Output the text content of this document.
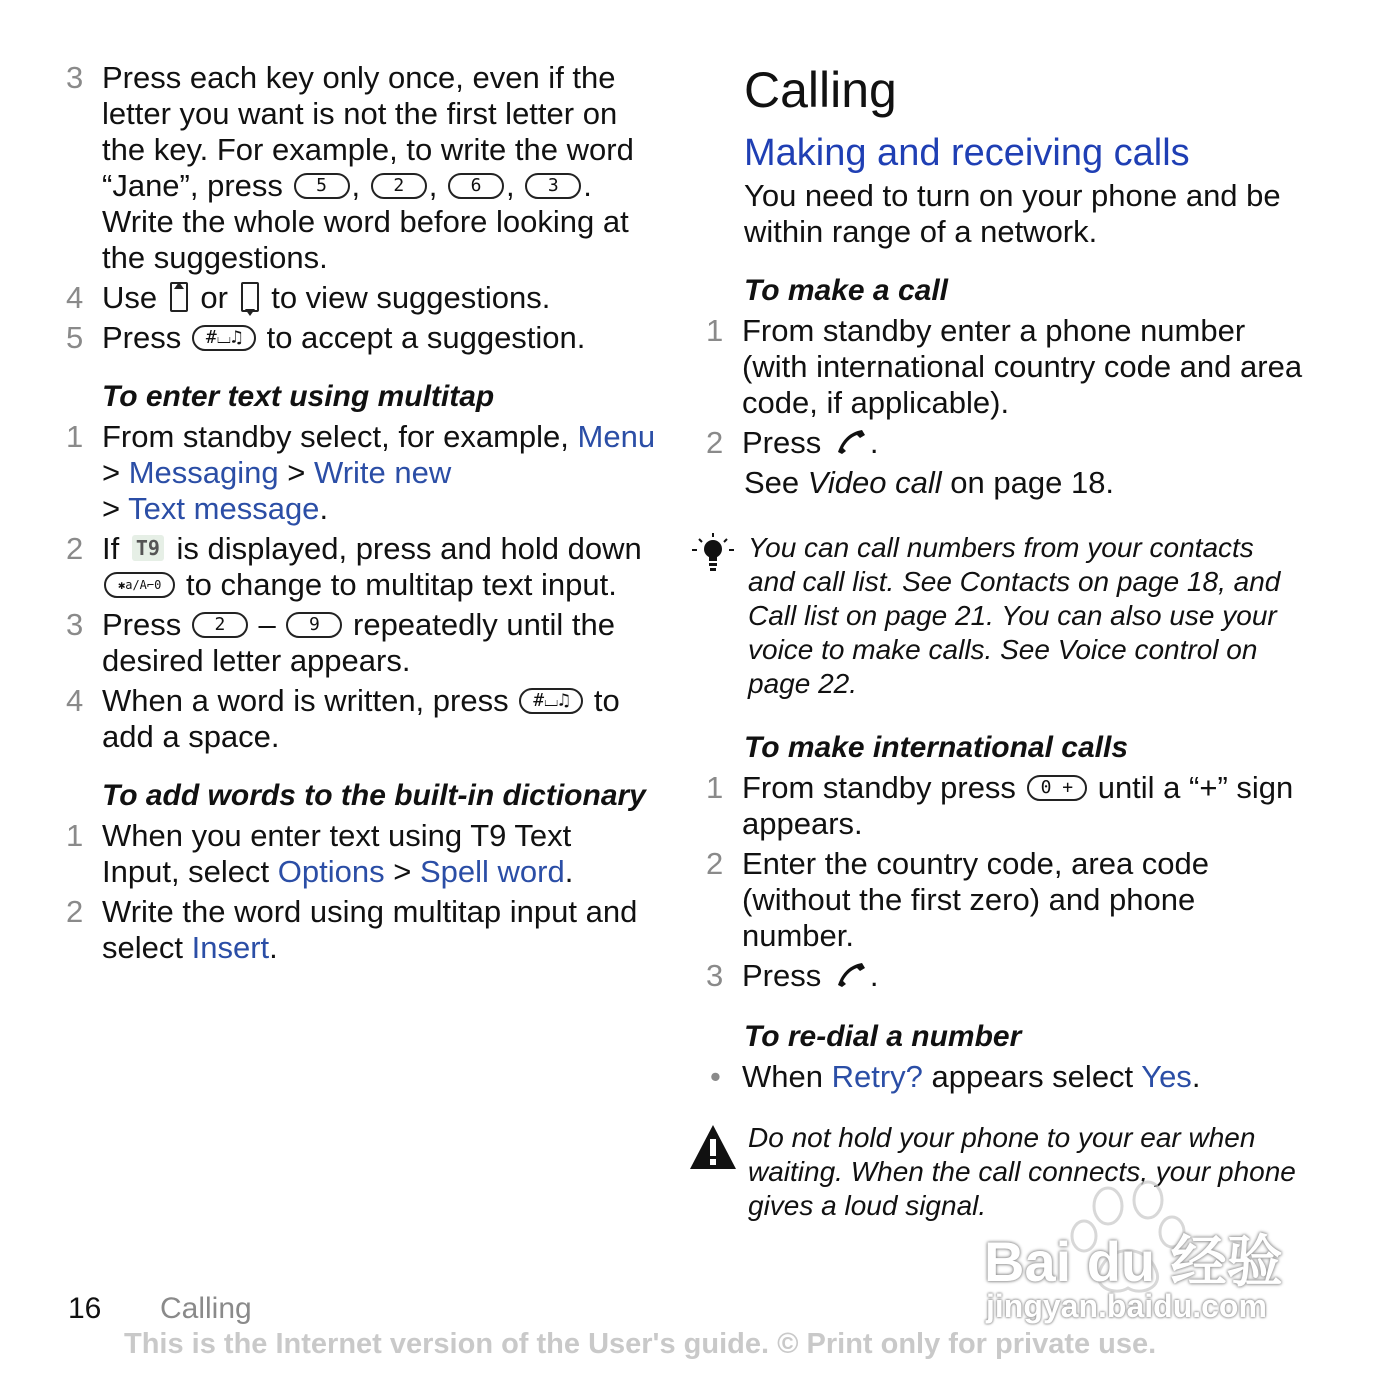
3 Press each key only once, even if the letter you want is not the first letter on the key. For example, to write the word “Jane”, press 5 , 2 , 6 , 3 . Write the whole word before looking at the suggestions.
4 Use or to view suggestions.
5 Press #⌴♫ to accept a suggestion.
To enter text using multitap
1 From standby select, for example, Menu > Messaging > Write new
> Text message.
2 If T9 is displayed, press and hold down ✱a/A⌐0 to change to multitap text input.
3 Press 2 – 9 repeatedly until the desired letter appears.
4 When a word is written, press #⌴♫ to add a space.
To add words to the built-in dictionary
1 When you enter text using T9 Text Input, select Options > Spell word.
2 Write the word using multitap input and select Insert.
Calling
Making and receiving calls
You need to turn on your phone and be within range of a network.
To make a call
1 From standby enter a phone number (with international country code and area code, if applicable).
2 Press .
See Video call on page 18.
You can call numbers from your contacts and call list. See Contacts on page 18, and Call list on page 21. You can also use your voice to make calls. See Voice control on page 22.
To make international calls
1 From standby press 0 + until a “+” sign appears.
2 Enter the country code, area code (without the first zero) and phone number.
3 Press .
To re-dial a number
• When Retry? appears select Yes.
Do not hold your phone to your ear when waiting. When the call connects, your phone gives a loud signal.
Bai du 经验
jingyan.baidu.com
16 Calling
This is the Internet version of the User's guide. © Print only for private use.
